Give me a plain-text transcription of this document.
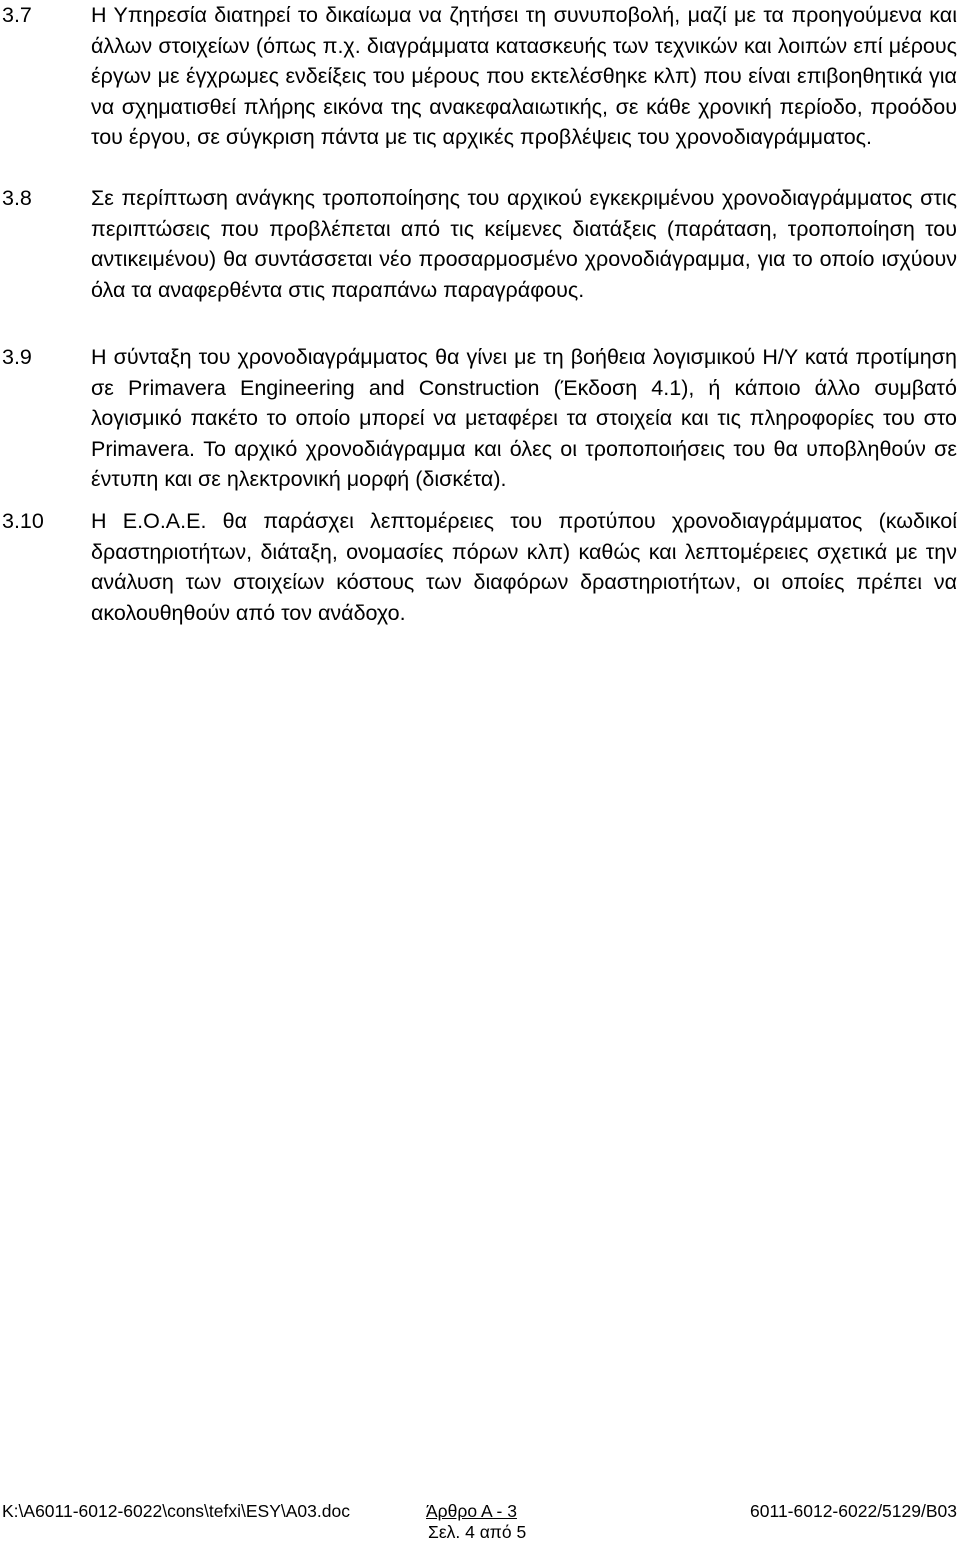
3.7	Η Υπηρεσία διατηρεί το δικαίωμα να ζητήσει τη συνυποβολή, μαζί με τα προηγούμενα και άλλων στοιχείων (όπως π.χ. διαγράμματα κατασκευής των τεχνικών και λοιπών επί μέρους έργων με έγχρωμες ενδείξεις του μέρους που εκτελέσθηκε κλπ) που είναι επιβοηθητικά για να σχηματισθεί πλήρης εικόνα της ανακεφαλαιωτικής, σε κάθε χρονική περίοδο, προόδου του έργου, σε σύγκριση πάντα με τις αρχικές προβλέψεις του χρονοδιαγράμματος.
3.8	Σε περίπτωση ανάγκης τροποποίησης του αρχικού εγκεκριμένου χρονοδιαγράμματος στις περιπτώσεις που προβλέπεται από τις κείμενες διατάξεις (παράταση, τροποποίηση του αντικειμένου) θα συντάσσεται νέο προσαρμοσμένο χρονοδιάγραμμα, για το οποίο ισχύουν όλα τα αναφερθέντα στις παραπάνω παραγράφους.
3.9	Η σύνταξη του χρονοδιαγράμματος θα γίνει με τη βοήθεια λογισμικού Η/Υ κατά προτίμηση σε Primavera Engineering and Construction (Έκδοση 4.1), ή κάποιο άλλο συμβατό λογισμικό πακέτο το οποίο μπορεί να μεταφέρει τα στοιχεία και τις πληροφορίες του στο Primavera. Το αρχικό χρονοδιάγραμμα και όλες οι τροποποιήσεις του θα υποβληθούν σε έντυπη και σε ηλεκτρονική μορφή (δισκέτα).
3.10 Η Ε.Ο.Α.Ε. θα παράσχει λεπτομέρειες του προτύπου χρονοδιαγράμματος (κωδικοί δραστηριοτήτων, διάταξη, ονομασίες πόρων κλπ) καθώς και λεπτομέρειες σχετικά με την ανάλυση των στοιχείων κόστους των διαφόρων δραστηριοτήτων, οι οποίες πρέπει να ακολουθηθούν από τον ανάδοχο.
K:\A6011-6012-6022\cons\tefxi\ESY\A03.doc	Άρθρο Α - 3	6011-6012-6022/5129/B03
Σελ. 4 από 5
